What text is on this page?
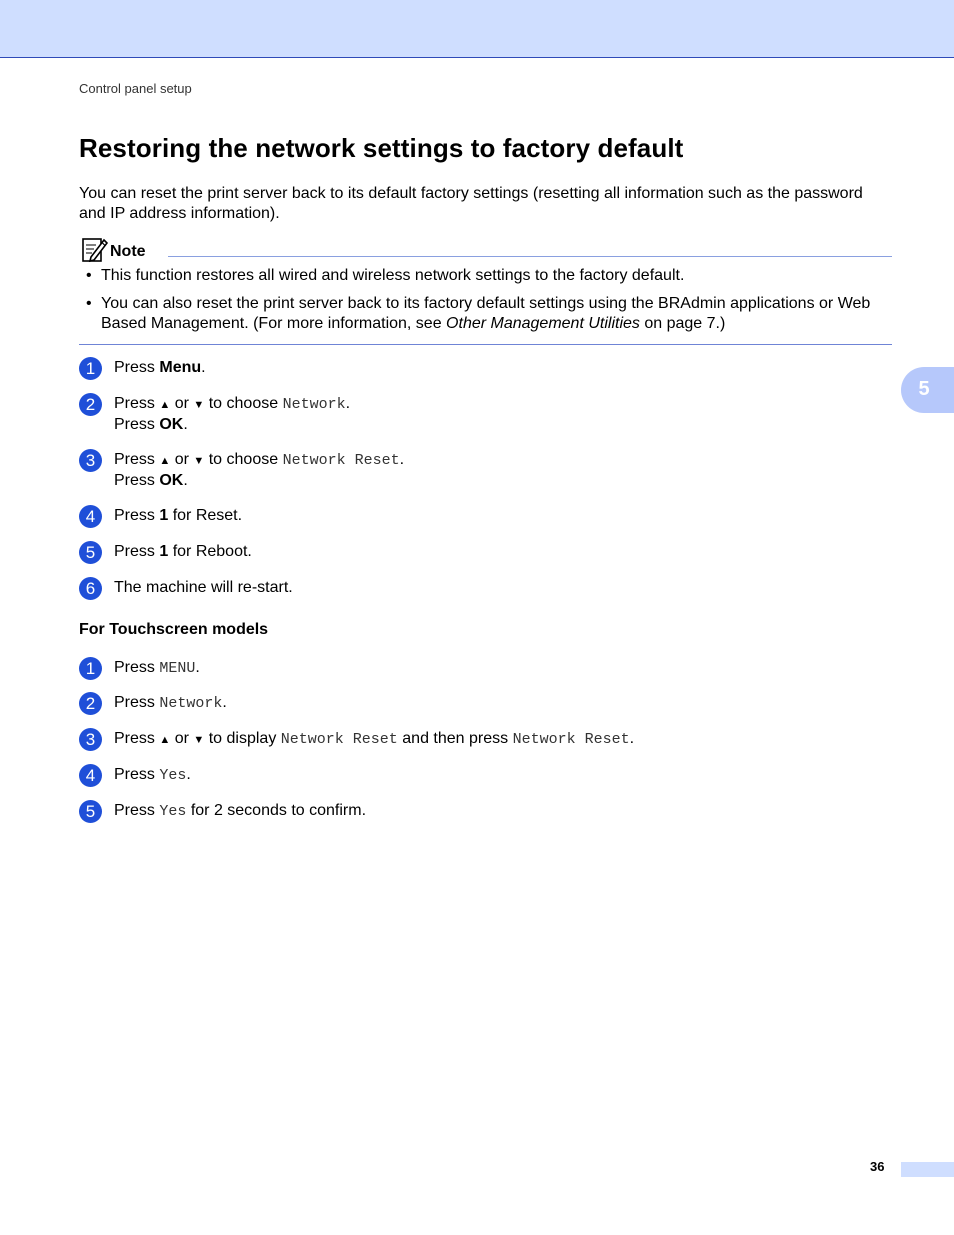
Control panel setup
Restoring the network settings to factory default

You can reset the print server back to its default factory settings (resetting all information such as the password and IP address information).

Note
• This function restores all wired and wireless network settings to the factory default.
• You can also reset the print server back to its factory default settings using the BRAdmin applications or Web Based Management. (For more information, see Other Management Utilities on page 7.)
1	Press Menu.
2	Press ▲ or ▼ to choose Network.
Press OK.
3	Press ▲ or ▼ to choose Network Reset.
Press OK.
4	Press 1 for Reset.
5	Press 1 for Reboot.
6	The machine will re-start.
For Touchscreen models
1	Press MENU.
2	Press Network.
3	Press ▲ or ▼ to display Network Reset and then press Network Reset.
4	Press Yes.
5	Press Yes for 2 seconds to confirm.
5
36
